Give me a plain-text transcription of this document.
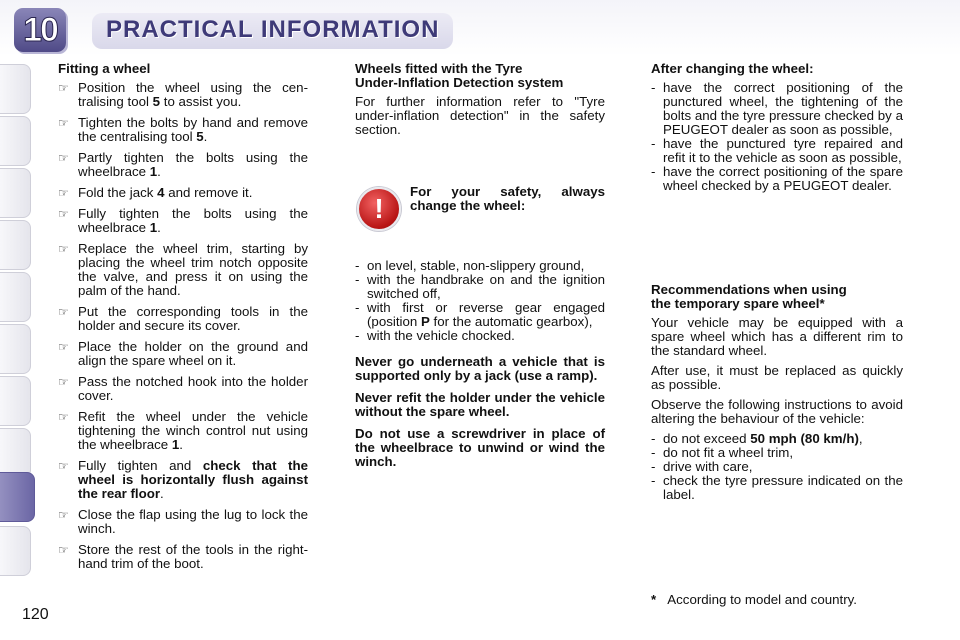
10	PRACTICAL INFORMATION
Fitting a wheel
☞ Position the wheel using the centralising tool 5 to assist you.
☞ Tighten the bolts by hand and remove the centralising tool 5.
☞ Partly tighten the bolts using the wheelbrace 1.
☞ Fold the jack 4 and remove it.
☞ Fully tighten the bolts using the wheelbrace 1.
☞ Replace the wheel trim, starting by placing the wheel trim notch opposite the valve, and press it on using the palm of the hand.
☞ Put the corresponding tools in the holder and secure its cover.
☞ Place the holder on the ground and align the spare wheel on it.
☞ Pass the notched hook into the holder cover.
☞ Refit the wheel under the vehicle tightening the winch control nut using the wheelbrace 1.
☞ Fully tighten and check that the wheel is horizontally flush against the rear floor.
☞ Close the flap using the lug to lock the winch.
☞ Store the rest of the tools in the right-hand trim of the boot.
Wheels fitted with the Tyre
Under-Inflation Detection system

For further information refer to "Tyre under-inflation detection" in the safety section.

!
For your safety, always change the wheel:
- on level, stable, non-slippery ground,
- with the handbrake on and the ignition switched off,
- with first or reverse gear engaged (position P for the automatic gearbox),
- with the vehicle chocked.

Never go underneath a vehicle that is supported only by a jack (use a ramp).

Never refit the holder under the vehicle without the spare wheel.

Do not use a screwdriver in place of the wheelbrace to unwind or wind the winch.

After changing the wheel:
- have the correct positioning of the punctured wheel, the tightening of the bolts and the tyre pressure checked by a PEUGEOT dealer as soon as possible,
- have the punctured tyre repaired and refit it to the vehicle as soon as possible,
- have the correct positioning of the spare wheel checked by a PEUGEOT dealer.
Recommendations when using
the temporary spare wheel*

Your vehicle may be equipped with a spare wheel which has a different rim to the standard wheel.

After use, it must be replaced as quickly as possible.

Observe the following instructions to avoid altering the behaviour of the vehicle:

- do not exceed 50 mph (80 km/h),
- do not fit a wheel trim,
- drive with care,
- check the tyre pressure indicated on the label.
* According to model and country.
120
